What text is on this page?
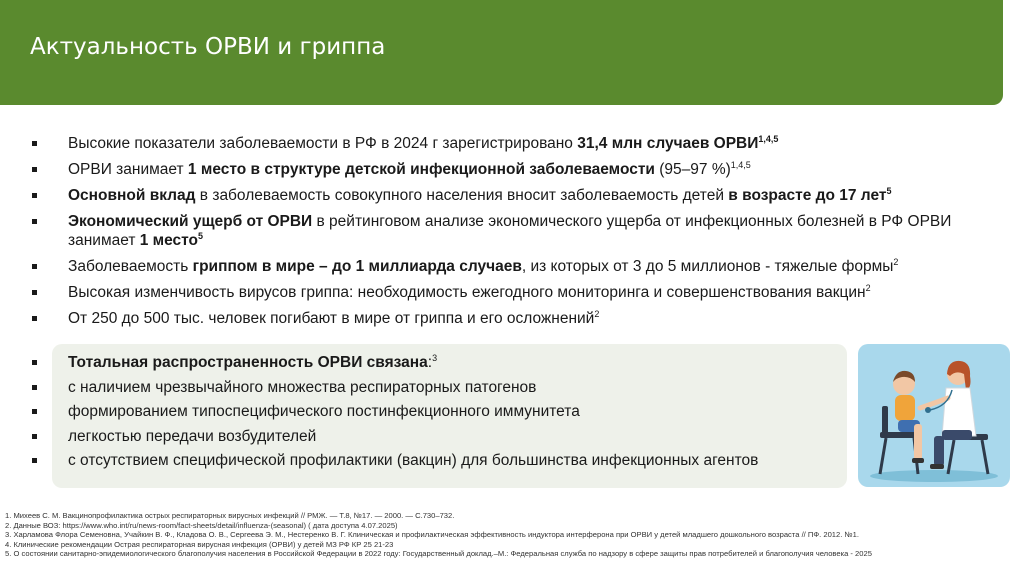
Актуальность ОРВИ и гриппа
Высокие показатели заболеваемости в РФ в 2024 г зарегистрировано 31,4 млн случаев ОРВИ$^{1,4,5}$
ОРВИ занимает 1 место в структуре детской инфекционной заболеваемости (95–97 %)$^{1,4,5}$
Основной вклад в заболеваемость совокупного населения вносит заболеваемость детей в возрасте до 17 лет$^5$
Экономический ущерб от ОРВИ в рейтинговом анализе экономического ущерба от инфекционных болезней в РФ ОРВИ занимает 1 место$^5$
Заболеваемость гриппом в мире – до 1 миллиарда случаев, из которых от 3 до 5 миллионов - тяжелые формы$^2$
Высокая изменчивость вирусов гриппа: необходимость ежегодного мониторинга и совершенствования вакцин$^2$
От 250 до 500 тыс. человек погибают в мире от гриппа и его осложнений$^2$
Тотальная распространенность ОРВИ связана:$^3$
с наличием чрезвычайного множества респираторных патогенов
формированием типоспецифического постинфекционного иммунитета
легкостью передачи возбудителей
с отсутствием специфической профилактики (вакцин) для большинства инфекционных агентов
1. Михеев С. М. Вакцинопрофилактика острых респираторных вирусных инфекций // РМЖ. — Т.8, №17. — 2000. — С.730–732.
2. Данные ВОЗ: https://www.who.int/ru/news-room/fact-sheets/detail/influenza-(seasonal) ( дата доступа 4.07.2025)
3. Харламова Флора Семеновна, Учайкин В. Ф., Кладова О. В., Сергеева Э. М., Нестеренко В. Г. Клиническая и профилактическая эффективность индуктора интерферона при ОРВИ у детей младшего дошкольного возраста // ПФ. 2012. №1.
4. Клинические рекомендации Острая респираторная вирусная инфекция (ОРВИ) у детей МЗ РФ КР 25 21-23
5. О состоянии санитарно-эпидемиологического благополучия населения в Российской Федерации в 2022 году: Государственный доклад.–М.: Федеральная служба по надзору в сфере защиты прав потребителей и благополучия человека - 2025
